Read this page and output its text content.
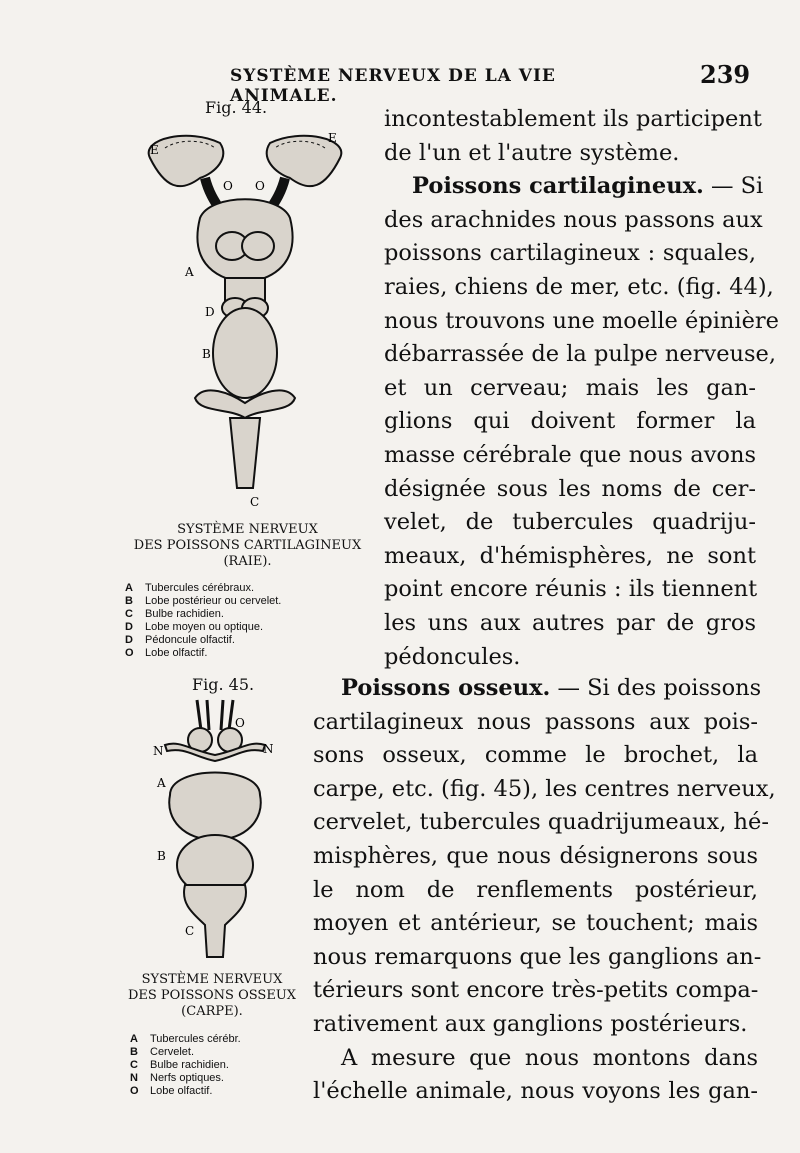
SYSTÈME NERVEUX DE LA VIE ANIMALE.
239
Fig. 44.
E
E
O O
A
D
B
C
SYSTÈME NERVEUX
DES POISSONS CARTILAGINEUX
(RAIE).
A	Tubercules cérébraux.
B	Lobe postérieur ou cervelet.
C	Bulbe rachidien.
D	Lobe moyen ou optique.
D	Pédoncule olfactif.
O	Lobe olfactif.
Fig. 45.
O
N	N
A
B
C
SYSTÈME NERVEUX
DES POISSONS OSSEUX
(CARPE).
A	Tubercules cérébr.
B	Cervelet.
C	Bulbe rachidien.
N	Nerfs optiques.
O	Lobe olfactif.
incontestablement ils participent
de l'un et l'autre système.
Poissons cartilagineux. — Si
des arachnides nous passons aux
poissons cartilagineux : squales,
raies, chiens de mer, etc. (fig. 44),
nous trouvons une moelle épinière
débarrassée de la pulpe nerveuse,
et un cerveau; mais les gan-
glions qui doivent former la
masse cérébrale que nous avons
désignée sous les noms de cer-
velet, de tubercules quadriju-
meaux, d'hémisphères, ne sont
point encore réunis : ils tiennent
les uns aux autres par de gros
pédoncules.
Poissons osseux. — Si des poissons
cartilagineux nous passons aux pois-
sons osseux, comme le brochet, la
carpe, etc. (fig. 45), les centres nerveux,
cervelet, tubercules quadrijumeaux, hé-
misphères, que nous désignerons sous
le nom de renflements postérieur,
moyen et antérieur, se touchent; mais
nous remarquons que les ganglions an-
térieurs sont encore très-petits compa-
rativement aux ganglions postérieurs.
A mesure que nous montons dans
l'échelle animale, nous voyons les gan-
